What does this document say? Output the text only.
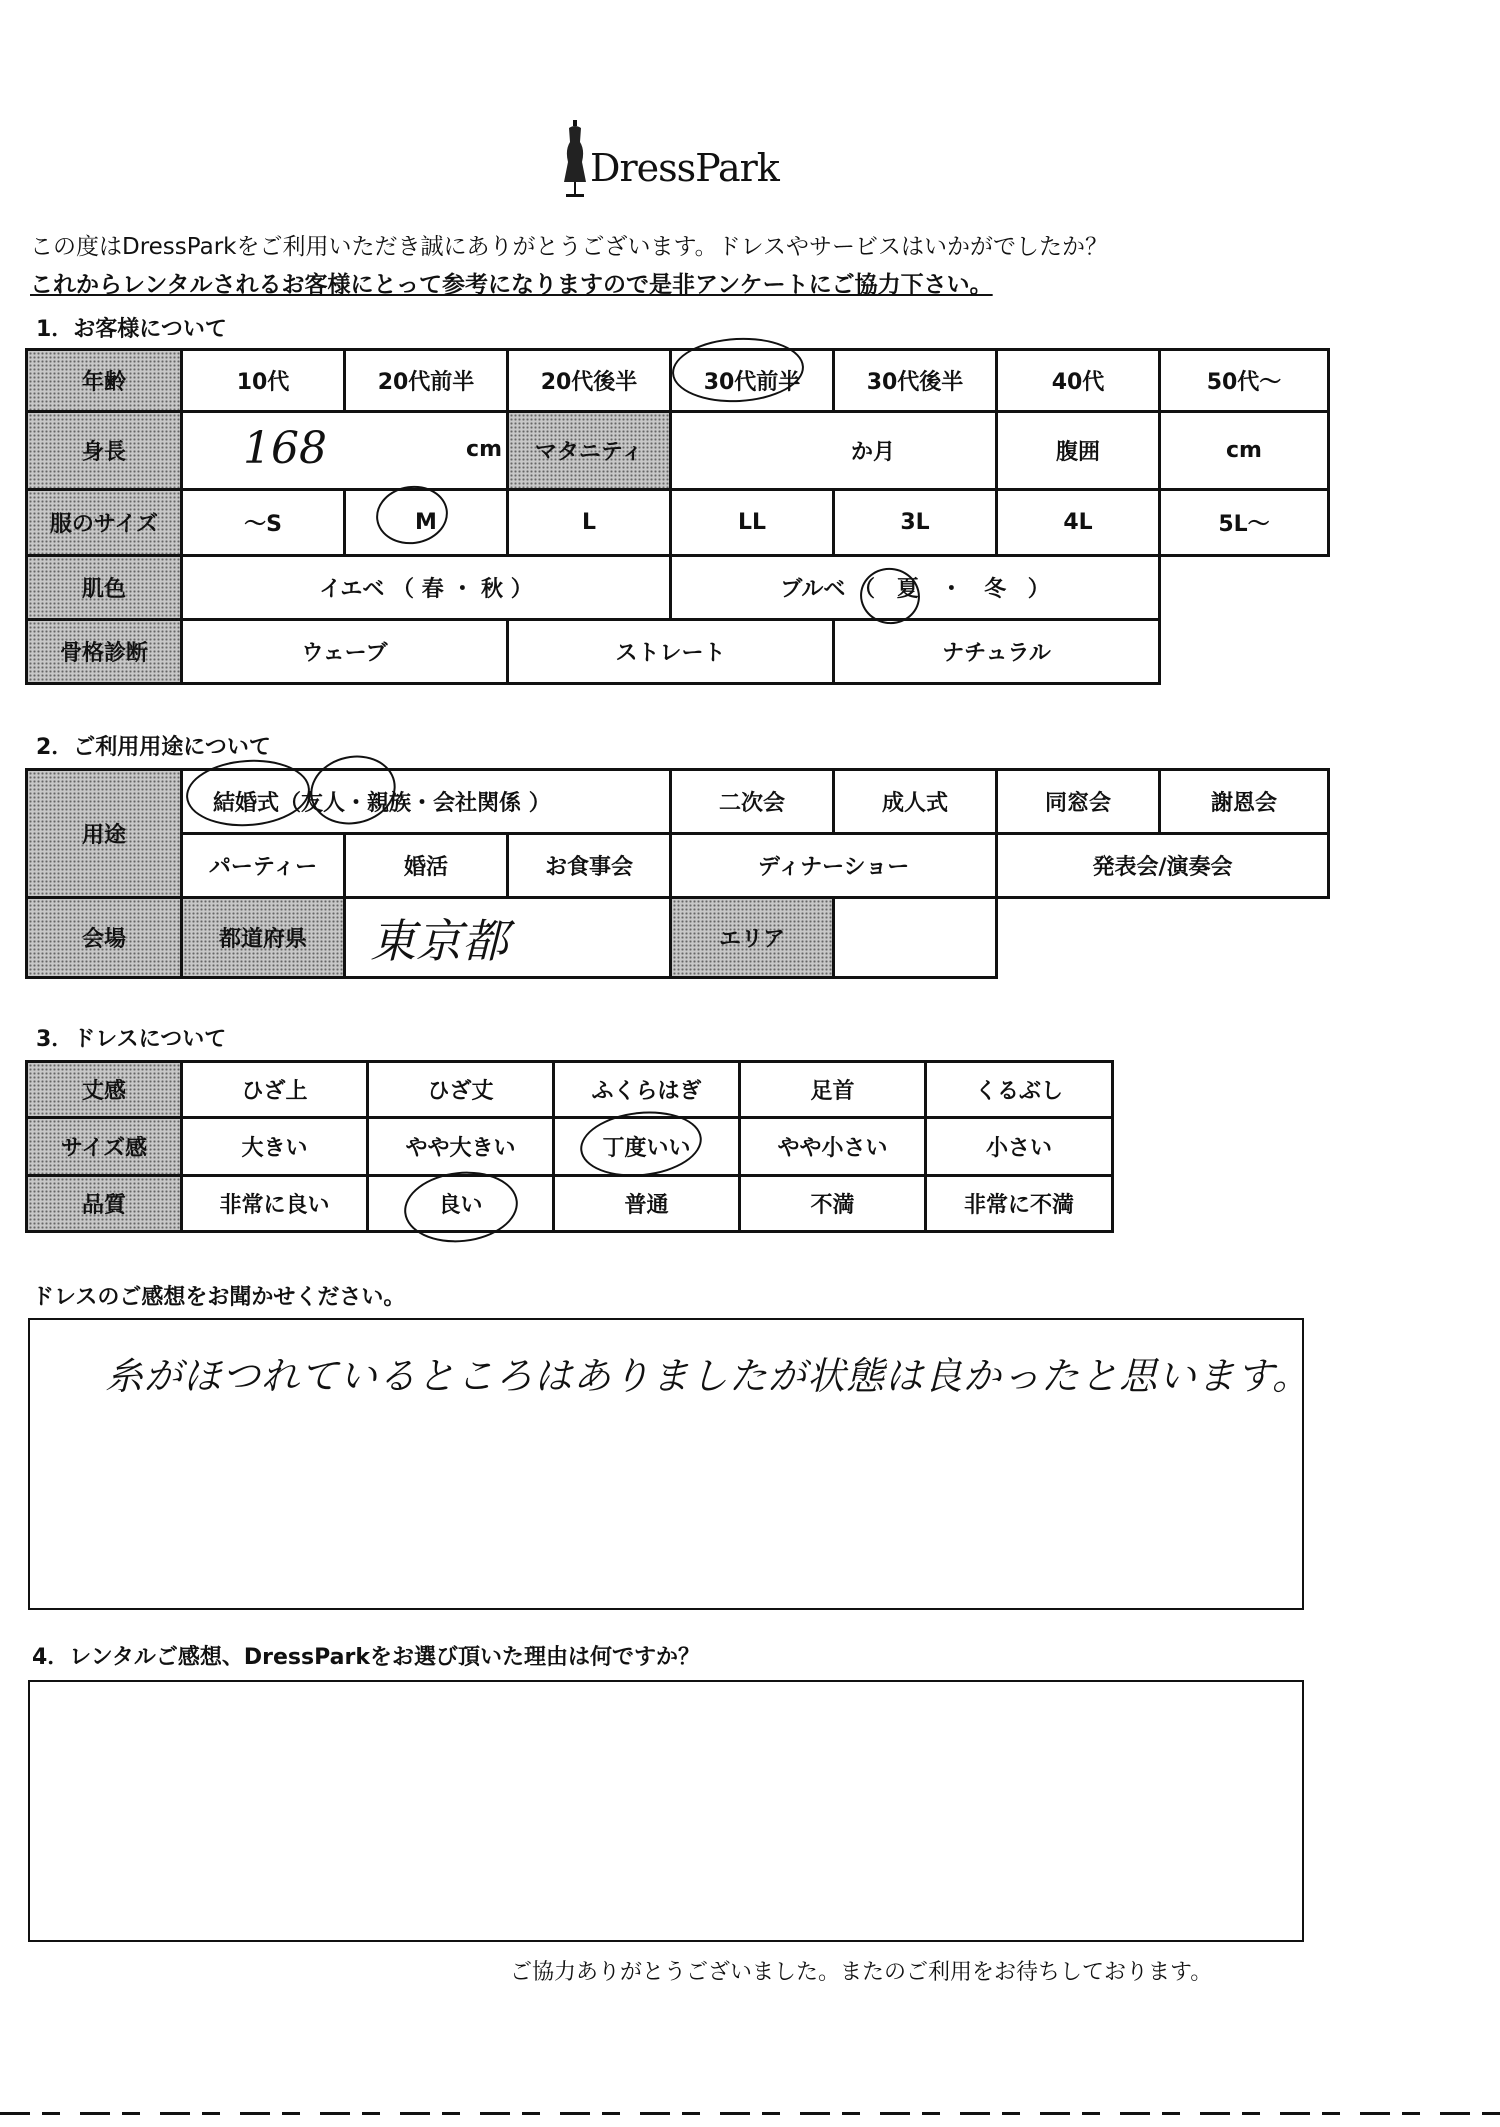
DressPark
この度はDressParkをご利用いただき誠にありがとうございます。ドレスやサービスはいかがでしたか？
これからレンタルされるお客様にとって参考になりますので是非アンケートにご協力下さい。
1．お客様について
年齢	10代	20代前半	20代後半	30代前半	30代後半	40代	50代～
身長	168 cm		マタニティ	か月		腹囲	cm
服のサイズ	～S	M	L	LL	3L	4L	5L～
肌色	イエベ （ 春 ・ 秋 ）			ブルベ （ 夏 ・ 冬 ）			
骨格診断	ウェーブ		ストレート		ナチュラル		
2．ご利用用途について
用途	結婚式（友人・親族・会社関係 ）			二次会	成人式	同窓会	謝恩会
	パーティー	婚活	お食事会	ディナーショー		発表会/演奏会	
会場	都道府県	東京都		エリア			
3．ドレスについて
丈感	ひざ上	ひざ丈	ふくらはぎ	足首	くるぶし
サイズ感	大きい	やや大きい	丁度いい	やや小さい	小さい
品質	非常に良い	良い	普通	不満	非常に不満
ドレスのご感想をお聞かせください。
糸がほつれているところはありましたが状態は良かったと思います。
4．レンタルご感想、DressParkをお選び頂いた理由は何ですか？
ご協力ありがとうございました。またのご利用をお待ちしております。
